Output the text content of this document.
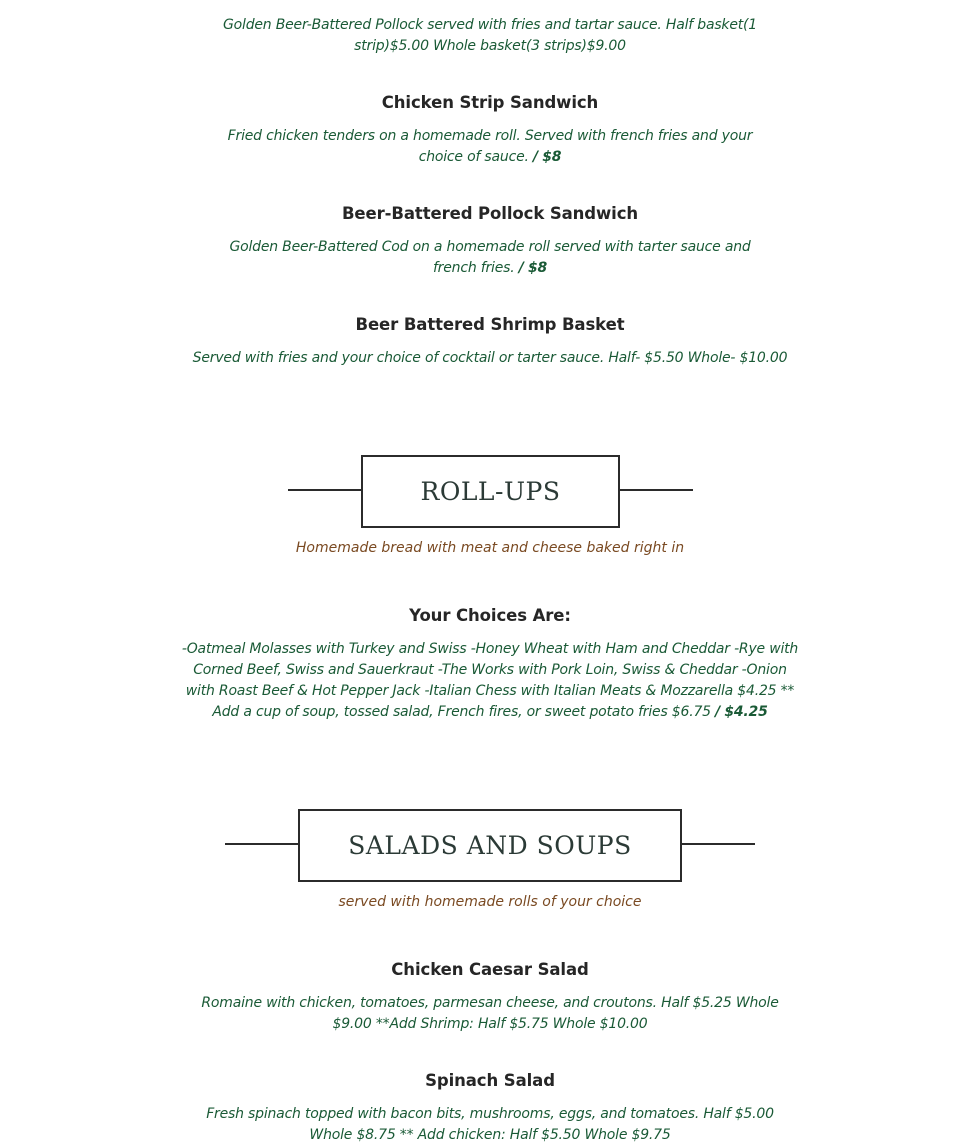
Golden Beer-Battered Pollock served with fries and tartar sauce. Half basket(1 strip)$5.00 Whole basket(3 strips)$9.00
Chicken Strip Sandwich
Fried chicken tenders on a homemade roll. Served with french fries and your choice of sauce. / $8
Beer-Battered Pollock Sandwich
Golden Beer-Battered Cod on a homemade roll served with tarter sauce and french fries. / $8
Beer Battered Shrimp Basket
Served with fries and your choice of cocktail or tarter sauce. Half- $5.50 Whole- $10.00
ROLL-UPS
Homemade bread with meat and cheese baked right in
Your Choices Are:
-Oatmeal Molasses with Turkey and Swiss -Honey Wheat with Ham and Cheddar -Rye with Corned Beef, Swiss and Sauerkraut -The Works with Pork Loin, Swiss & Cheddar -Onion with Roast Beef & Hot Pepper Jack -Italian Chess with Italian Meats & Mozzarella $4.25 ** Add a cup of soup, tossed salad, French fires, or sweet potato fries $6.75 / $4.25
SALADS AND SOUPS
served with homemade rolls of your choice
Chicken Caesar Salad
Romaine with chicken, tomatoes, parmesan cheese, and croutons. Half $5.25 Whole $9.00 **Add Shrimp: Half $5.75 Whole $10.00
Spinach Salad
Fresh spinach topped with bacon bits, mushrooms, eggs, and tomatoes. Half $5.00 Whole $8.75 ** Add chicken: Half $5.50 Whole $9.75
